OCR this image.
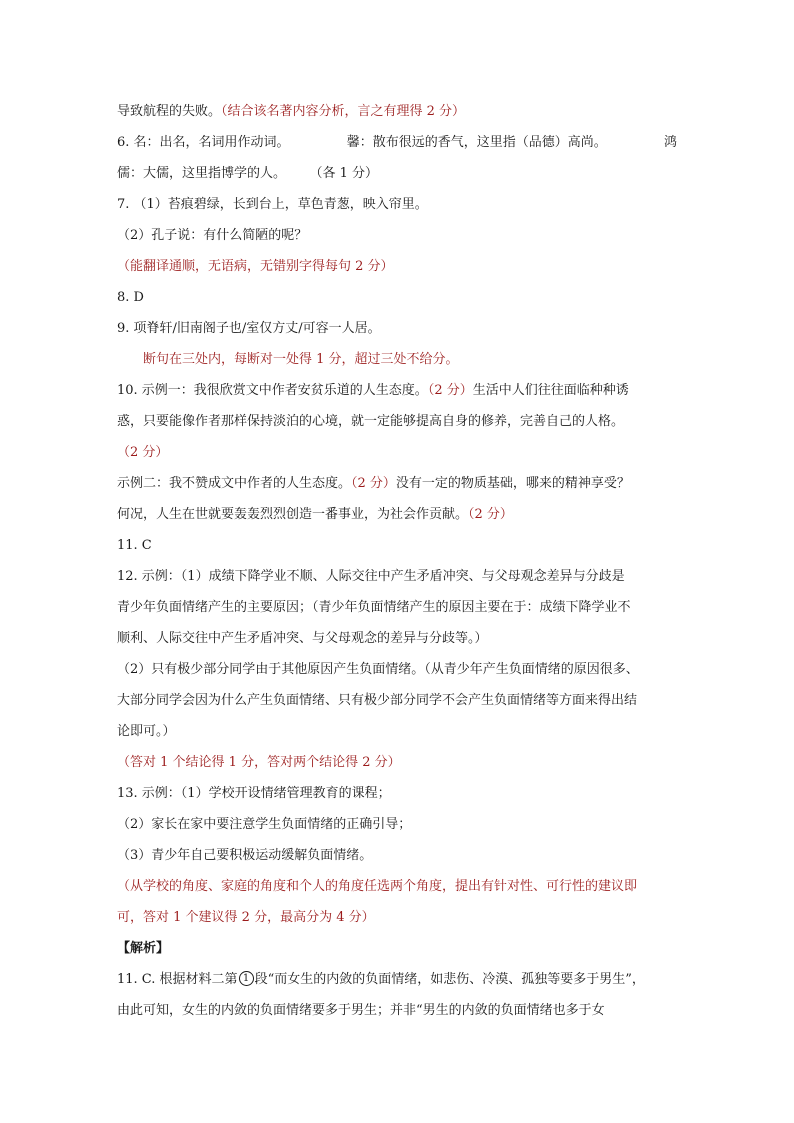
导致航程的失败。（结合该名著内容分析，言之有理得 2 分）
6. 名：出名，名词用作动词。	馨：散布很远的香气，这里指（品德）高尚。	鸿
儒：大儒，这里指博学的人。 （各 1 分）
7. （1）苔痕碧绿，长到台上，草色青葱，映入帘里。
（2）孔子说：有什么简陋的呢？
（能翻译通顺，无语病，无错别字得每句 2 分）
8. D
9. 项脊轩/旧南阁子也/室仅方丈/可容一人居。
断句在三处内，每断对一处得 1 分，超过三处不给分。
10. 示例一：我很欣赏文中作者安贫乐道的人生态度。（2 分）生活中人们往往面临种种诱
惑，只要能像作者那样保持淡泊的心境，就一定能够提高自身的修养，完善自己的人格。
（2 分）
示例二：我不赞成文中作者的人生态度。（2 分）没有一定的物质基础，哪来的精神享受？
何况，人生在世就要轰轰烈烈创造一番事业，为社会作贡献。（2 分）
11. C
12. 示例：（1）成绩下降学业不顺、人际交往中产生矛盾冲突、与父母观念差异与分歧是
青少年负面情绪产生的主要原因；（青少年负面情绪产生的原因主要在于：成绩下降学业不
顺利、人际交往中产生矛盾冲突、与父母观念的差异与分歧等。）
（2）只有极少部分同学由于其他原因产生负面情绪。（从青少年产生负面情绪的原因很多、
大部分同学会因为什么产生负面情绪、只有极少部分同学不会产生负面情绪等方面来得出结
论即可。）
（答对 1 个结论得 1 分，答对两个结论得 2 分）
13. 示例：（1）学校开设情绪管理教育的课程；
（2）家长在家中要注意学生负面情绪的正确引导；
（3）青少年自己要积极运动缓解负面情绪。
（从学校的角度、家庭的角度和个人的角度任选两个角度，提出有针对性、可行性的建议即
可，答对 1 个建议得 2 分，最高分为 4 分）
【解析】
11. C. 根据材料二第 1 段“而女生的内敛的负面情绪，如悲伤、冷漠、孤独等要多于男生”，
由此可知，女生的内敛的负面情绪要多于男生；并非“男生的内敛的负面情绪也多于女
